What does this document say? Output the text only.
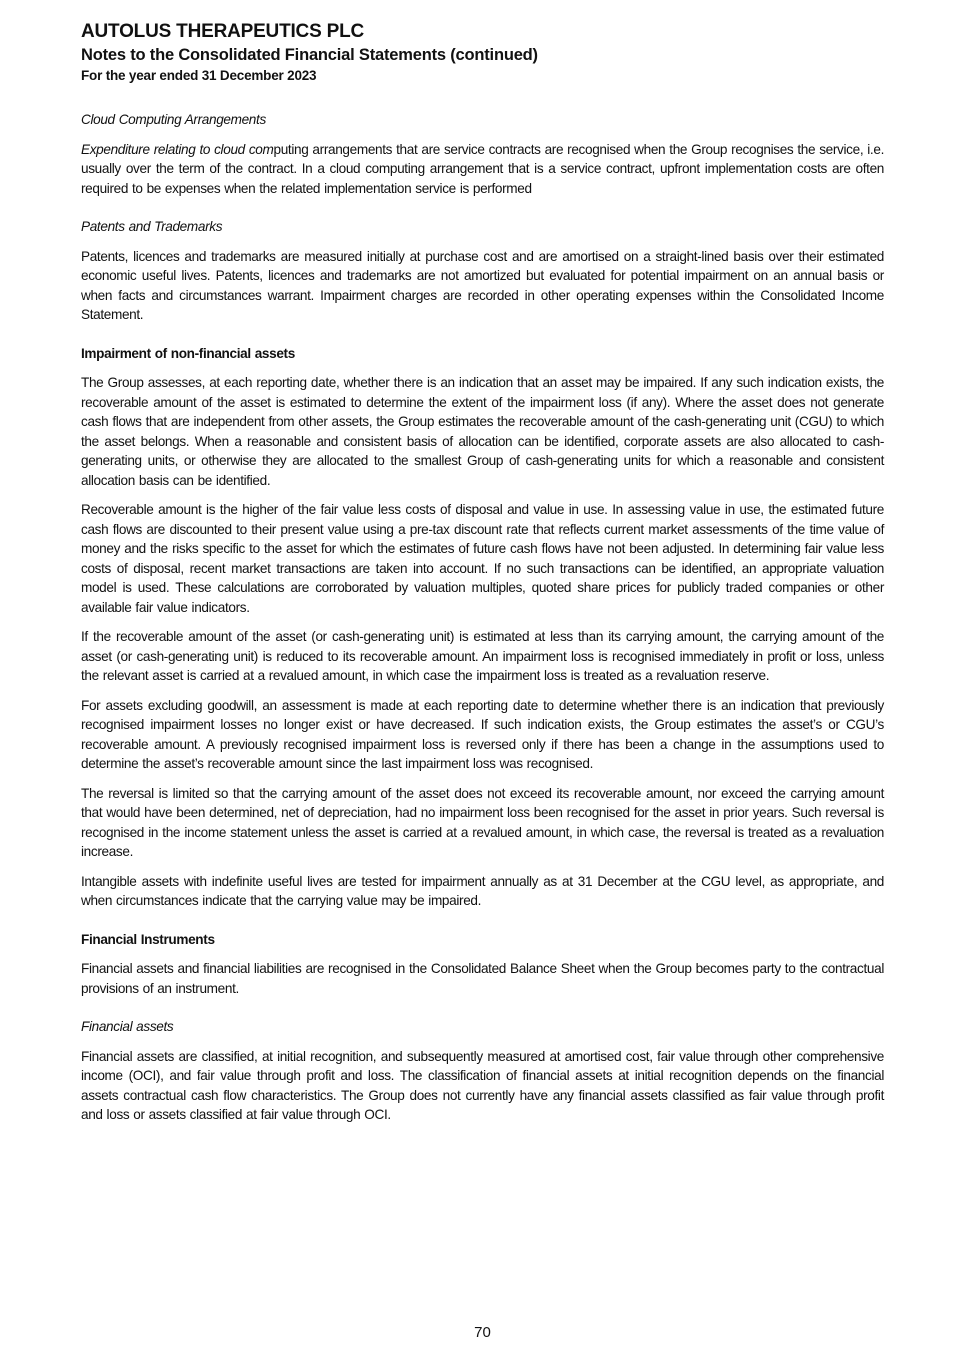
AUTOLUS THERAPEUTICS PLC
Notes to the Consolidated Financial Statements (continued)
For the year ended 31 December 2023

Cloud Computing Arrangements

Expenditure relating to cloud computing arrangements that are service contracts are recognised when the Group recognises the service, i.e. usually over the term of the contract. In a cloud computing arrangement that is a service contract, upfront implementation costs are often required to be expenses when the related implementation service is performed

Patents and Trademarks

Patents, licences and trademarks are measured initially at purchase cost and are amortised on a straight-lined basis over their estimated economic useful lives. Patents, licences and trademarks are not amortized but evaluated for potential impairment on an annual basis or when facts and circumstances warrant. Impairment charges are recorded in other operating expenses within the Consolidated Income Statement.

Impairment of non-financial assets

The Group assesses, at each reporting date, whether there is an indication that an asset may be impaired. If any such indication exists, the recoverable amount of the asset is estimated to determine the extent of the impairment loss (if any). Where the asset does not generate cash flows that are independent from other assets, the Group estimates the recoverable amount of the cash-generating unit (CGU) to which the asset belongs. When a reasonable and consistent basis of allocation can be identified, corporate assets are also allocated to cash-generating units, or otherwise they are allocated to the smallest Group of cash-generating units for which a reasonable and consistent allocation basis can be identified.

Recoverable amount is the higher of the fair value less costs of disposal and value in use. In assessing value in use, the estimated future cash flows are discounted to their present value using a pre-tax discount rate that reflects current market assessments of the time value of money and the risks specific to the asset for which the estimates of future cash flows have not been adjusted. In determining fair value less costs of disposal, recent market transactions are taken into account. If no such transactions can be identified, an appropriate valuation model is used. These calculations are corroborated by valuation multiples, quoted share prices for publicly traded companies or other available fair value indicators.

If the recoverable amount of the asset (or cash-generating unit) is estimated at less than its carrying amount, the carrying amount of the asset (or cash-generating unit) is reduced to its recoverable amount. An impairment loss is recognised immediately in profit or loss, unless the relevant asset is carried at a revalued amount, in which case the impairment loss is treated as a revaluation reserve.

For assets excluding goodwill, an assessment is made at each reporting date to determine whether there is an indication that previously recognised impairment losses no longer exist or have decreased. If such indication exists, the Group estimates the asset’s or CGU’s recoverable amount. A previously recognised impairment loss is reversed only if there has been a change in the assumptions used to determine the asset’s recoverable amount since the last impairment loss was recognised.

The reversal is limited so that the carrying amount of the asset does not exceed its recoverable amount, nor exceed the carrying amount that would have been determined, net of depreciation, had no impairment loss been recognised for the asset in prior years. Such reversal is recognised in the income statement unless the asset is carried at a revalued amount, in which case, the reversal is treated as a revaluation increase.

Intangible assets with indefinite useful lives are tested for impairment annually as at 31 December at the CGU level, as appropriate, and when circumstances indicate that the carrying value may be impaired.

Financial Instruments

Financial assets and financial liabilities are recognised in the Consolidated Balance Sheet when the Group becomes party to the contractual provisions of an instrument.

Financial assets

Financial assets are classified, at initial recognition, and subsequently measured at amortised cost, fair value through other comprehensive income (OCI), and fair value through profit and loss. The classification of financial assets at initial recognition depends on the financial assets contractual cash flow characteristics. The Group does not currently have any financial assets classified as fair value through profit and loss or assets classified at fair value through OCI.

70
